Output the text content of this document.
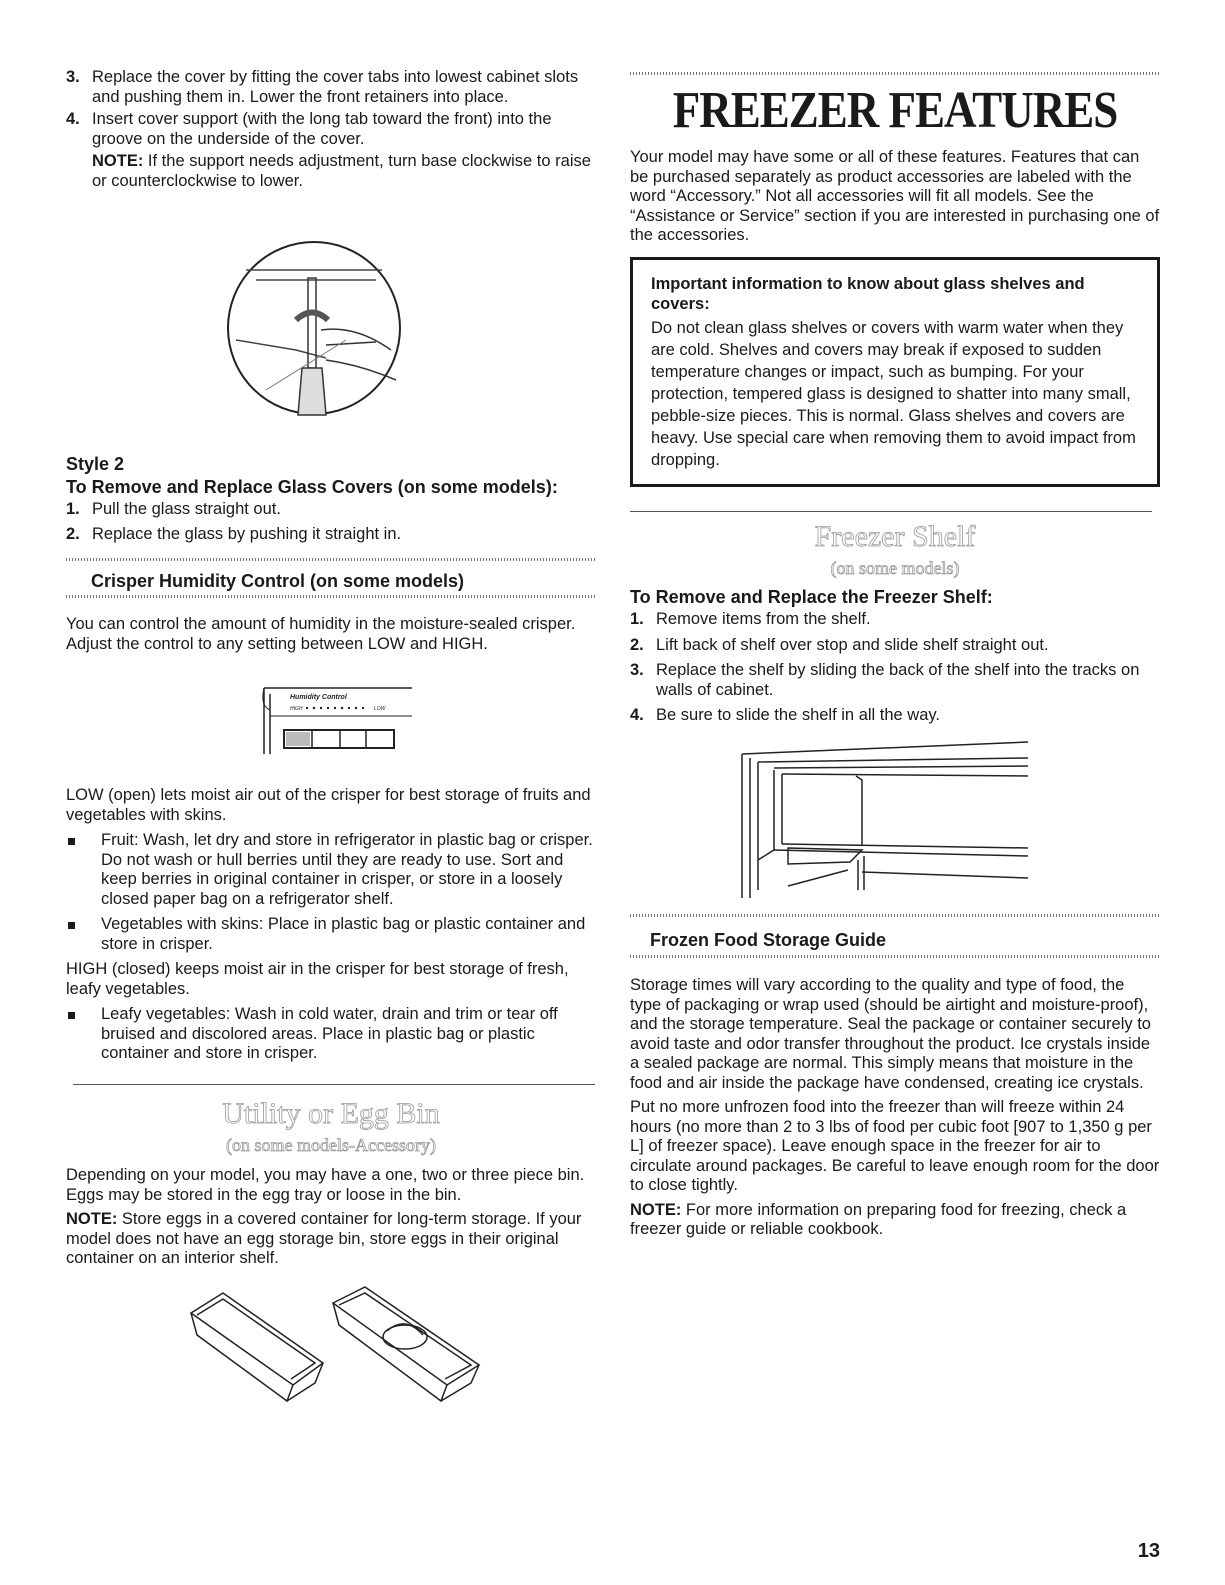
3. Replace the cover by fitting the cover tabs into lowest cabinet slots and pushing them in. Lower the front retainers into place.
4. Insert cover support (with the long tab toward the front) into the groove on the underside of the cover.
NOTE: If the support needs adjustment, turn base clockwise to raise or counterclockwise to lower.
Style 2
To Remove and Replace Glass Covers (on some models):
1. Pull the glass straight out.
2. Replace the glass by pushing it straight in.
Crisper Humidity Control (on some models)
You can control the amount of humidity in the moisture-sealed crisper. Adjust the control to any setting between LOW and HIGH.
Humidity Control
HIGH	LOW
LOW (open) lets moist air out of the crisper for best storage of fruits and vegetables with skins.
Fruit: Wash, let dry and store in refrigerator in plastic bag or crisper. Do not wash or hull berries until they are ready to use. Sort and keep berries in original container in crisper, or store in a loosely closed paper bag on a refrigerator shelf.
Vegetables with skins: Place in plastic bag or plastic container and store in crisper.
HIGH (closed) keeps moist air in the crisper for best storage of fresh, leafy vegetables.
Leafy vegetables: Wash in cold water, drain and trim or tear off bruised and discolored areas. Place in plastic bag or plastic container and store in crisper.
Utility or Egg Bin
(on some models-Accessory)
Depending on your model, you may have a one, two or three piece bin. Eggs may be stored in the egg tray or loose in the bin.
NOTE: Store eggs in a covered container for long-term storage. If your model does not have an egg storage bin, store eggs in their original container on an interior shelf.
FREEZER FEATURES
Your model may have some or all of these features. Features that can be purchased separately as product accessories are labeled with the word “Accessory.” Not all accessories will fit all models. See the “Assistance or Service” section if you are interested in purchasing one of the accessories.
Important information to know about glass shelves and covers:
Do not clean glass shelves or covers with warm water when they are cold. Shelves and covers may break if exposed to sudden temperature changes or impact, such as bumping. For your protection, tempered glass is designed to shatter into many small, pebble-size pieces. This is normal. Glass shelves and covers are heavy. Use special care when removing them to avoid impact from dropping.
Freezer Shelf
(on some models)
To Remove and Replace the Freezer Shelf:
1. Remove items from the shelf.
2. Lift back of shelf over stop and slide shelf straight out.
3. Replace the shelf by sliding the back of the shelf into the tracks on walls of cabinet.
4. Be sure to slide the shelf in all the way.
Frozen Food Storage Guide
Storage times will vary according to the quality and type of food, the type of packaging or wrap used (should be airtight and moisture-proof), and the storage temperature. Seal the package or container securely to avoid taste and odor transfer throughout the product. Ice crystals inside a sealed package are normal. This simply means that moisture in the food and air inside the package have condensed, creating ice crystals.
Put no more unfrozen food into the freezer than will freeze within 24 hours (no more than 2 to 3 lbs of food per cubic foot [907 to 1,350 g per L] of freezer space). Leave enough space in the freezer for air to circulate around packages. Be careful to leave enough room for the door to close tightly.
NOTE: For more information on preparing food for freezing, check a freezer guide or reliable cookbook.
13
